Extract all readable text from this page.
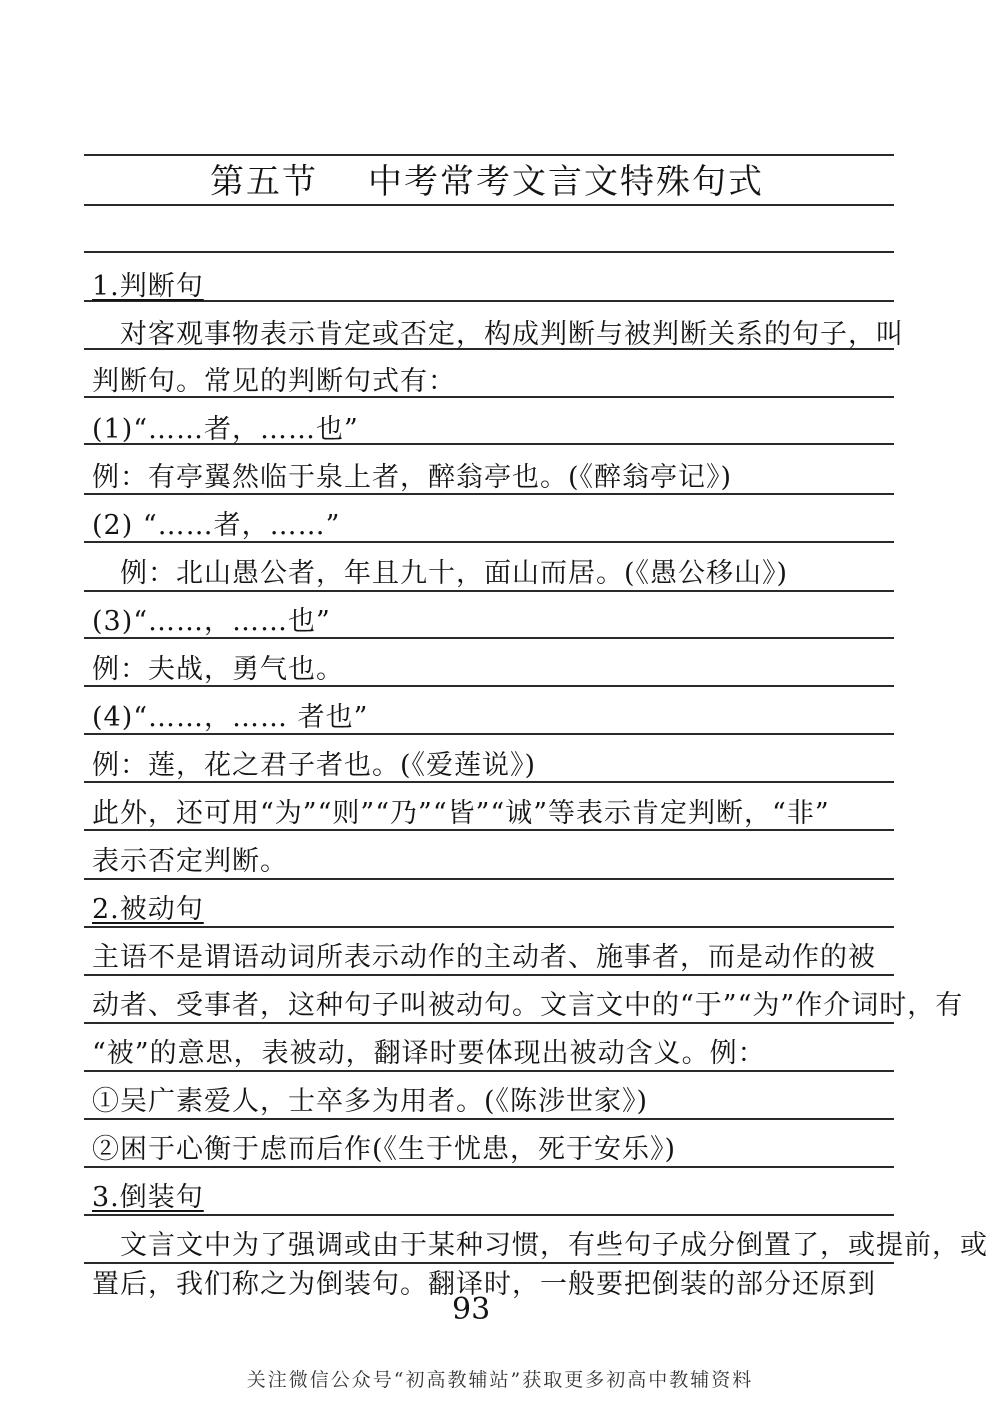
第五节 中考常考文言文特殊句式
1.判断句
对客观事物表示肯定或否定，构成判断与被判断关系的句子，叫
判断句。常见的判断句式有：
(1)“……者，……也”
例：有亭翼然临于泉上者，醉翁亭也。(《醉翁亭记》)
(2) “……者，……”
例：北山愚公者，年且九十，面山而居。(《愚公移山》)
(3)“……，……也”
例：夫战，勇气也。
(4)“……，…… 者也”
例：莲，花之君子者也。(《爱莲说》)
此外，还可用“为”“则”“乃”“皆”“诚”等表示肯定判断，“非”
表示否定判断。
2.被动句
主语不是谓语动词所表示动作的主动者、施事者，而是动作的被
动者、受事者，这种句子叫被动句。文言文中的“于”“为”作介词时，有
“被”的意思，表被动，翻译时要体现出被动含义。例：
①吴广素爱人，士卒多为用者。(《陈涉世家》)
②困于心衡于虑而后作(《生于忧患，死于安乐》)
3.倒装句
文言文中为了强调或由于某种习惯，有些句子成分倒置了，或提前，或
置后，我们称之为倒装句。翻译时，一般要把倒装的部分还原到
93
关注微信公众号“初高教辅站”获取更多初高中教辅资料
